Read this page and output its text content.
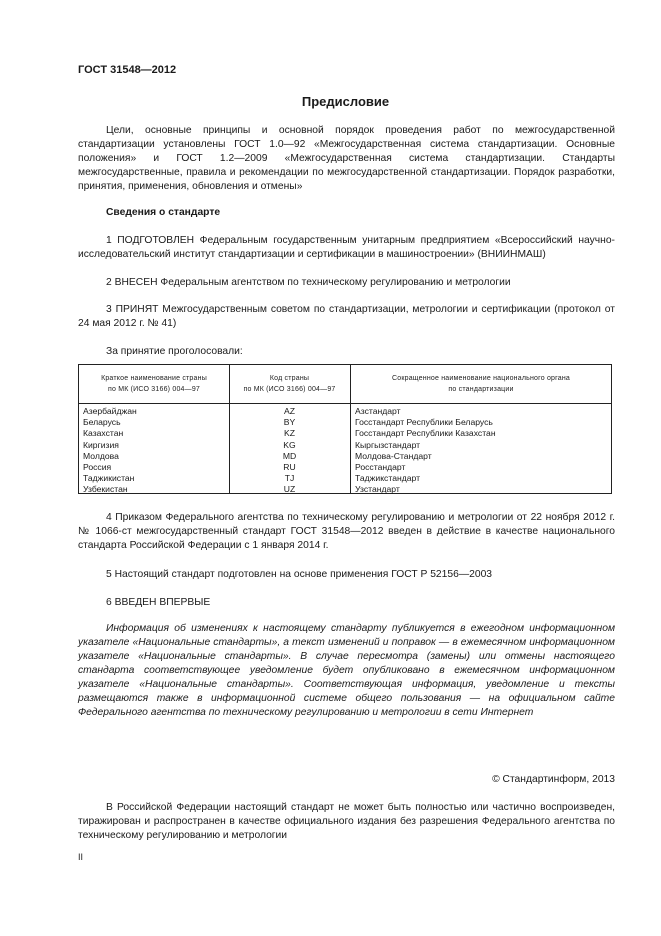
ГОСТ 31548—2012
Предисловие

Цели, основные принципы и основной порядок проведения работ по межгосударственной стандартизации установлены ГОСТ 1.0—92 «Межгосударственная система стандартизации. Основные положения» и ГОСТ 1.2—2009 «Межгосударственная система стандартизации. Стандарты межгосударственные, правила и рекомендации по межгосударственной стандартизации. Порядок разработки, принятия, применения, обновления и отмены»

Сведения о стандарте

1 ПОДГОТОВЛЕН Федеральным государственным унитарным предприятием «Всероссийский научно-исследовательский институт стандартизации и сертификации в машиностроении» (ВНИИНМАШ)

2 ВНЕСЕН Федеральным агентством по техническому регулированию и метрологии

3 ПРИНЯТ Межгосударственным советом по стандартизации, метрологии и сертификации (протокол от 24 мая 2012 г. № 41)

За принятие проголосовали:

Краткое наименование страны
по МК (ИСО 3166) 004—97
Код страны
по МК (ИСО 3166) 004—97
Сокращенное наименование национального органа
по стандартизации
Азербайджан
Беларусь
Казахстан
Киргизия
Молдова
Россия
Таджикистан
Узбекистан
AZ
BY
KZ
KG
MD
RU
TJ
UZ
Азстандарт
Госстандарт Республики Беларусь
Госстандарт Республики Казахстан
Кыргызстандарт
Молдова-Стандарт
Росстандарт
Таджикстандарт
Узстандарт

4 Приказом Федерального агентства по техническому регулированию и метрологии от 22 ноября 2012 г. № 1066-ст межгосударственный стандарт ГОСТ 31548—2012 введен в действие в качестве национального стандарта Российской Федерации с 1 января 2014 г.

5 Настоящий стандарт подготовлен на основе применения ГОСТ Р 52156—2003

6 ВВЕДЕН ВПЕРВЫЕ

Информация об изменениях к настоящему стандарту публикуется в ежегодном информационном указателе «Национальные стандарты», а текст изменений и поправок — в ежемесячном информационном указателе «Национальные стандарты». В случае пересмотра (замены) или отмены настоящего стандарта соответствующее уведомление будет опубликовано в ежемесячном информационном указателе «Национальные стандарты». Соответствующая информация, уведомление и тексты размещаются также в информационной системе общего пользования — на официальном сайте Федерального агентства по техническому регулированию и метрологии в сети Интернет

© Стандартинформ, 2013

В Российской Федерации настоящий стандарт не может быть полностью или частично воспроизведен, тиражирован и распространен в качестве официального издания без разрешения Федерального агентства по техническому регулированию и метрологии

II
